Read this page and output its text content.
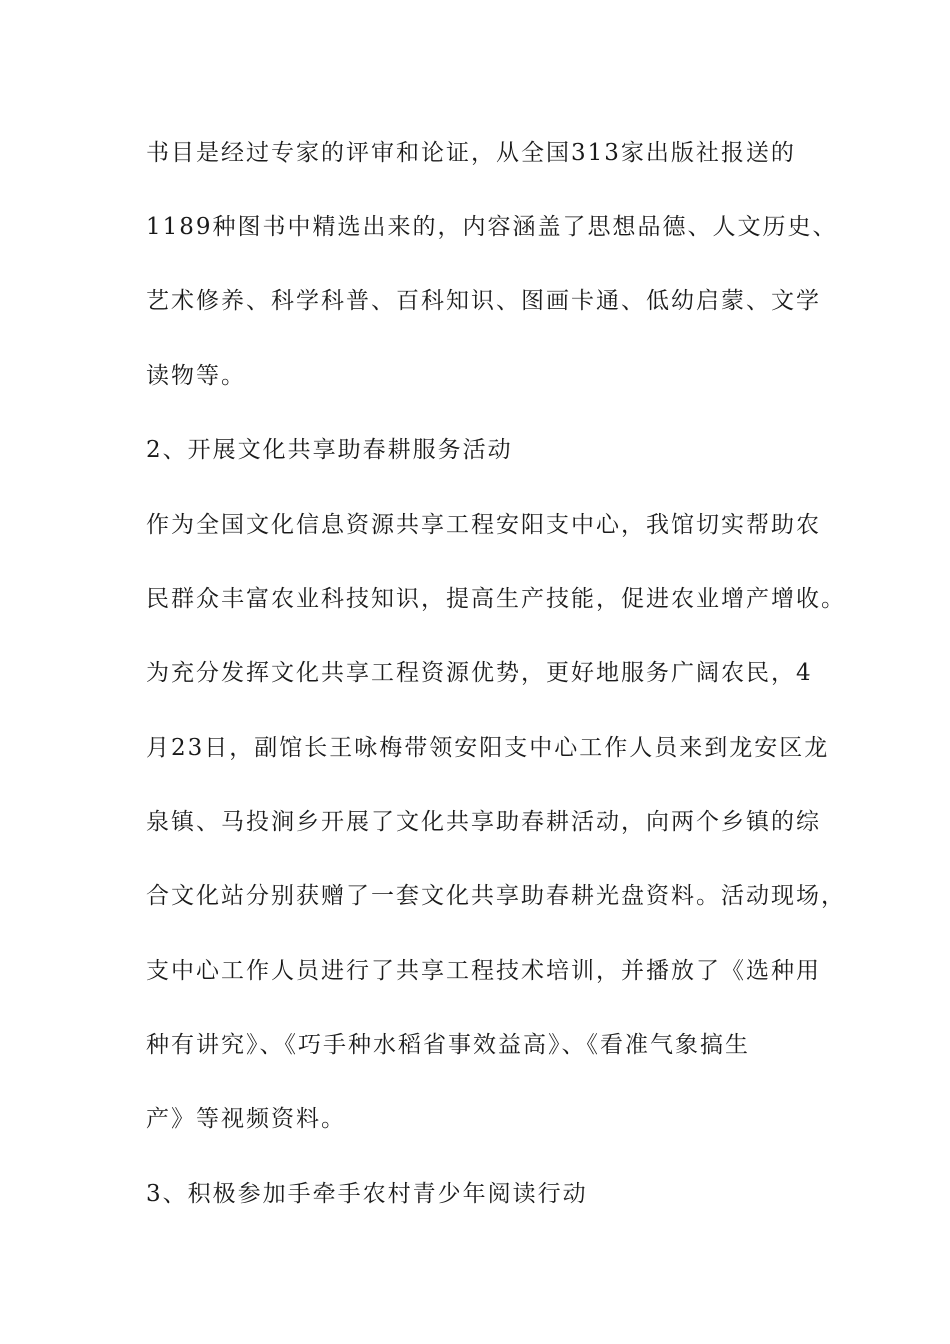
书目是经过专家的评审和论证，从全国313家出版社报送的
1189种图书中精选出来的，内容涵盖了思想品德、人文历史、
艺术修养、科学科普、百科知识、图画卡通、低幼启蒙、文学
读物等。
2、开展文化共享助春耕服务活动
作为全国文化信息资源共享工程安阳支中心，我馆切实帮助农
民群众丰富农业科技知识，提高生产技能，促进农业增产增收。
为充分发挥文化共享工程资源优势，更好地服务广阔农民，4
月23日，副馆长王咏梅带领安阳支中心工作人员来到龙安区龙
泉镇、马投涧乡开展了文化共享助春耕活动，向两个乡镇的综
合文化站分别获赠了一套文化共享助春耕光盘资料。活动现场，
支中心工作人员进行了共享工程技术培训，并播放了《选种用
种有讲究》、《巧手种水稻省事效益高》、《看准气象搞生
产》等视频资料。
3、积极参加手牵手农村青少年阅读行动
